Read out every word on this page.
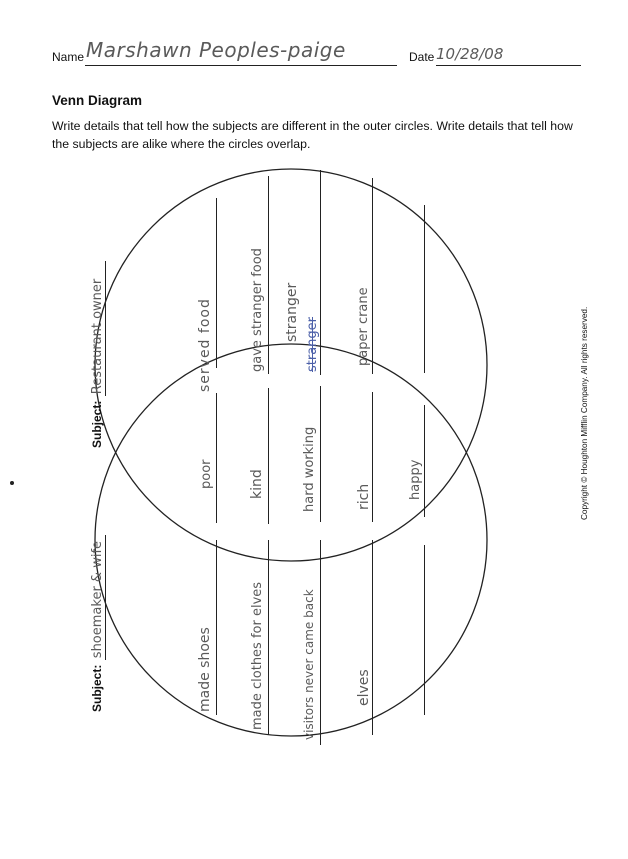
Name Marshawn Peoples-paige	Date 10/28/08
Venn Diagram
Write details that tell how the subjects are different in the outer circles. Write details that tell how the subjects are alike where the circles overlap.
Subject: Restaurant owner
Subject: shoemaker & wife
Copyright © Houghton Mifflin Company. All rights reserved.
served food	gave stranger food stranger
stranger	paper crane
poor	kind	hard working	rich	happy
made shoes	made clothes for elves	visitors never came back	elves
